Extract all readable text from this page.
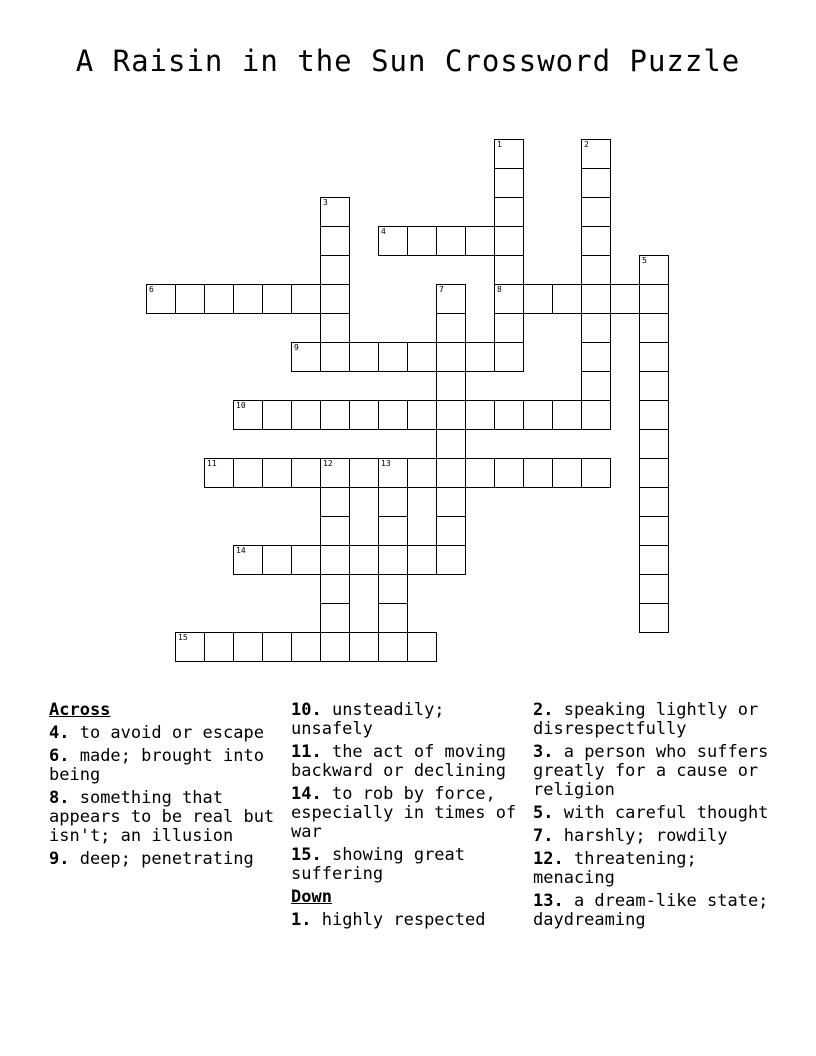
A Raisin in the Sun Crossword Puzzle
1
8
2
3
4
5
6	7
9
10
11	12	13
14
15
Across
4. to avoid or escape
6. made; brought into being
8. something that appears to be real but isn't; an illusion
9. deep; penetrating
10. unsteadily; unsafely
11. the act of moving backward or declining
14. to rob by force, especially in times of war
15. showing great suffering
Down
1. highly respected
2. speaking lightly or disrespectfully
3. a person who suffers greatly for a cause or religion
5. with careful thought
7. harshly; rowdily
12. threatening; menacing
13. a dream-like state; daydreaming
